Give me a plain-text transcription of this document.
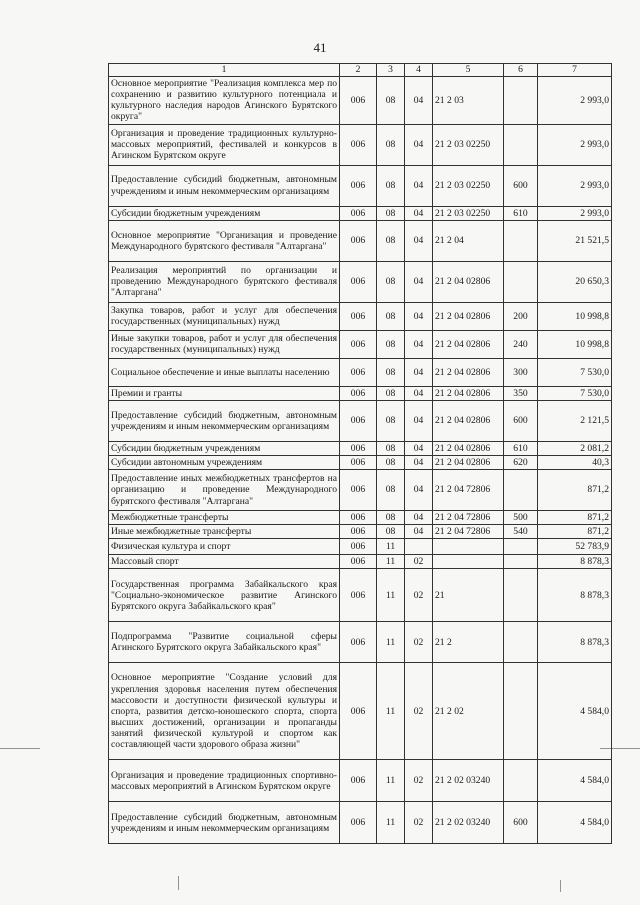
41
1	2	3	4	5	6	7
Основное мероприятие "Реализация комплекса мер по сохранению и развитию культурного потенциала и культурного наследия народов Агинского Бурятского округа"	006	08	04	21 2 03		2 993,0
Организация и проведение традиционных культурно-массовых мероприятий, фестивалей и конкурсов в Агинском Бурятском округе	006	08	04	21 2 03 02250		2 993,0
Предоставление субсидий бюджетным, автономным учреждениям и иным некоммерческим организациям	006	08	04	21 2 03 02250	600	2 993,0
Субсидии бюджетным учреждениям	006	08	04	21 2 03 02250	610	2 993,0
Основное мероприятие "Организация и проведение Международного бурятского фестиваля "Алтаргана"	006	08	04	21 2 04		21 521,5
Реализация мероприятий по организации и проведению Международного бурятского фестиваля "Алтаргана"	006	08	04	21 2 04 02806		20 650,3
Закупка товаров, работ и услуг для обеспечения государственных (муниципальных) нужд	006	08	04	21 2 04 02806	200	10 998,8
Иные закупки товаров, работ и услуг для обеспечения государственных (муниципальных) нужд	006	08	04	21 2 04 02806	240	10 998,8
Социальное обеспечение и иные выплаты населению	006	08	04	21 2 04 02806	300	7 530,0
Премии и гранты	006	08	04	21 2 04 02806	350	7 530,0
Предоставление субсидий бюджетным, автономным учреждениям и иным некоммерческим организациям	006	08	04	21 2 04 02806	600	2 121,5
Субсидии бюджетным учреждениям	006	08	04	21 2 04 02806	610	2 081,2
Субсидии автономным учреждениям	006	08	04	21 2 04 02806	620	40,3
Предоставление иных межбюджетных трансфертов на организацию и проведение Международного бурятского фестиваля "Алтаргана"	006	08	04	21 2 04 72806		871,2
Межбюджетные трансферты	006	08	04	21 2 04 72806	500	871,2
Иные межбюджетные трансферты	006	08	04	21 2 04 72806	540	871,2
Физическая культура и спорт	006	11				52 783,9
Массовый спорт	006	11	02			8 878,3
Государственная программа Забайкальского края "Социально-экономическое развитие Агинского Бурятского округа Забайкальского края"	006	11	02	21		8 878,3
Подпрограмма "Развитие социальной сферы Агинского Бурятского округа Забайкальского края"	006	11	02	21 2		8 878,3
Основное мероприятие "Создание условий для укрепления здоровья населения путем обеспечения массовости и доступности физической культуры и спорта, развития детско-юношеского спорта, спорта высших достижений, организации и пропаганды занятий физической культурой и спортом как составляющей части здорового образа жизни"	006	11	02	21 2 02		4 584,0
Организация и проведение традиционных спортивно-массовых мероприятий в Агинском Бурятском округе	006	11	02	21 2 02 03240		4 584,0
Предоставление субсидий бюджетным, автономным учреждениям и иным некоммерческим организациям	006	11	02	21 2 02 03240	600	4 584,0
